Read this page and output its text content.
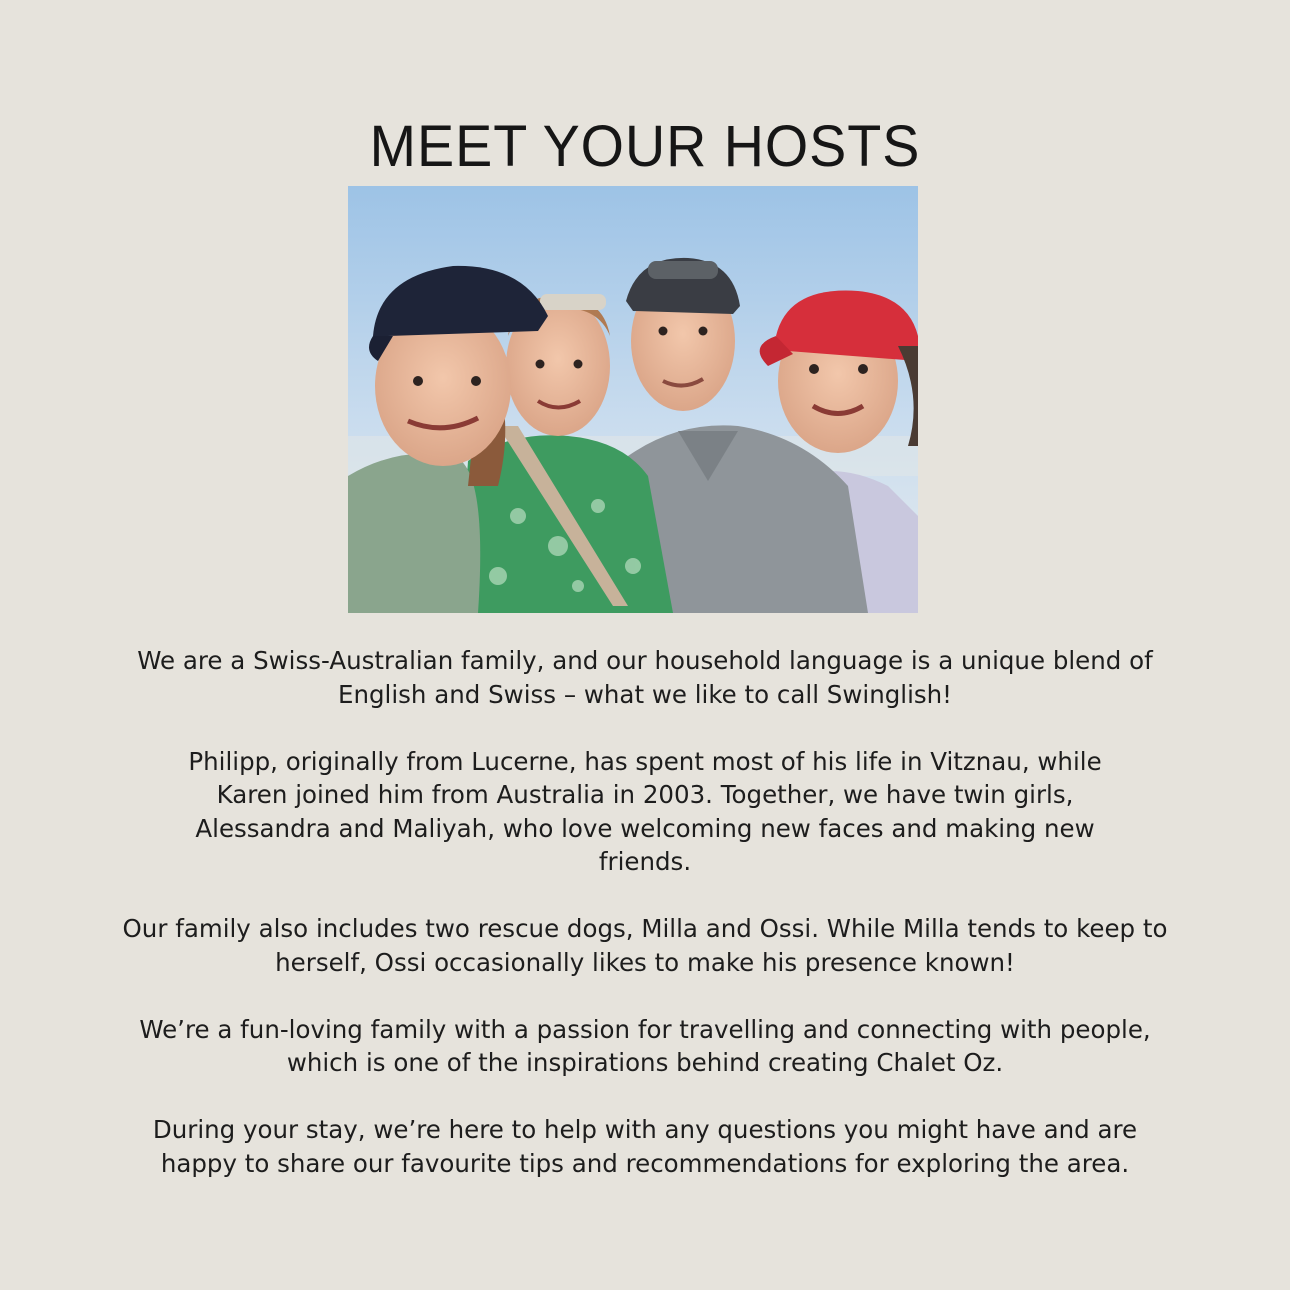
MEET YOUR HOSTS

We are a Swiss-Australian family, and our household language is a unique blend of English and Swiss – what we like to call Swinglish!

Philipp, originally from Lucerne, has spent most of his life in Vitznau, while Karen joined him from Australia in 2003. Together, we have twin girls, Alessandra and Maliyah, who love welcoming new faces and making new friends.

Our family also includes two rescue dogs, Milla and Ossi. While Milla tends to keep to herself, Ossi occasionally likes to make his presence known!

We’re a fun-loving family with a passion for travelling and connecting with people, which is one of the inspirations behind creating Chalet Oz.

During your stay, we’re here to help with any questions you might have and are happy to share our favourite tips and recommendations for exploring the area.
